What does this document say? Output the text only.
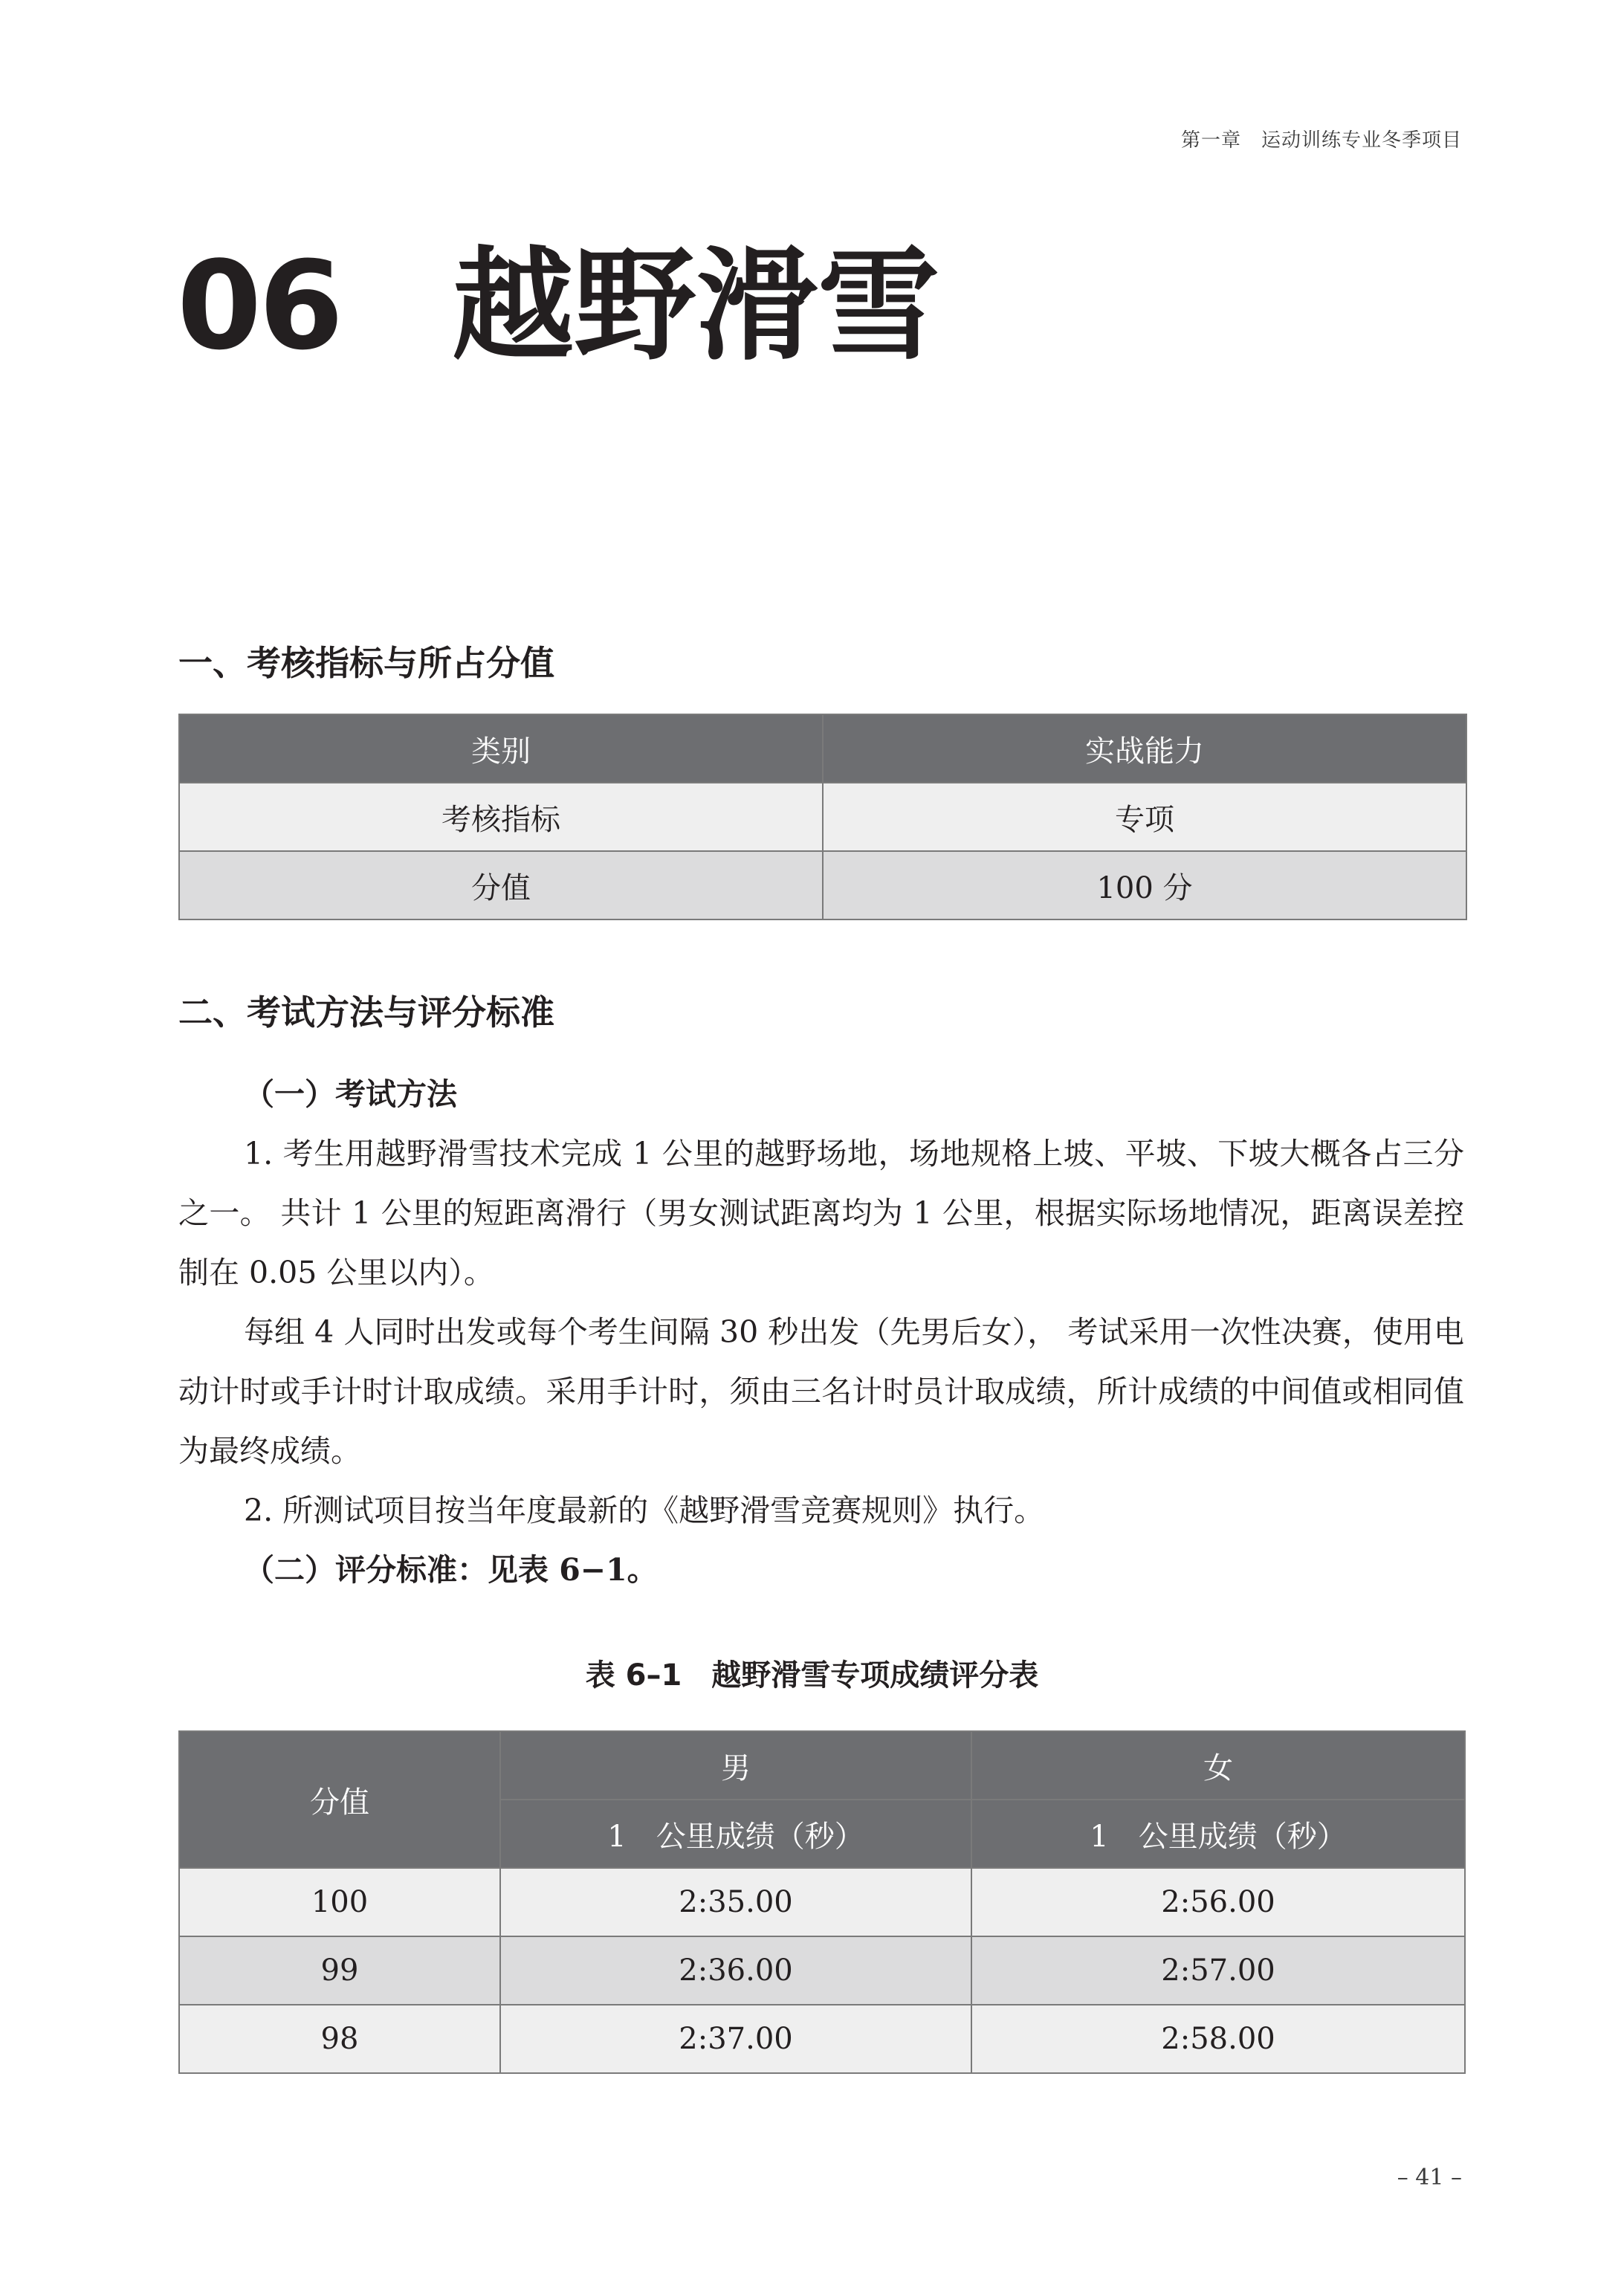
第一章　运动训练专业冬季项目
06 越野滑雪
一、考核指标与所占分值
类别	实战能力
考核指标	专项
分值	100 分
二、考试方法与评分标准

（一）考试方法

1. 考生用越野滑雪技术完成 1 公里的越野场地，场地规格上坡、平坡、下坡大概各占三分之一。 共计 1 公里的短距离滑行（男女测试距离均为 1 公里，根据实际场地情况，距离误差控制在 0.05 公里以内）。

每组 4 人同时出发或每个考生间隔 30 秒出发（先男后女）， 考试采用一次性决赛，使用电动计时或手计时计取成绩。采用手计时，须由三名计时员计取成绩，所计成绩的中间值或相同值为最终成绩。

2. 所测试项目按当年度最新的《越野滑雪竞赛规则》执行。

（二）评分标准：见表 6−1。

表 6–1　越野滑雪专项成绩评分表
分值	男	女
	1　公里成绩（秒）	1　公里成绩（秒）
100	2:35.00	2:56.00
99	2:36.00	2:57.00
98	2:37.00	2:58.00
– 41 –
